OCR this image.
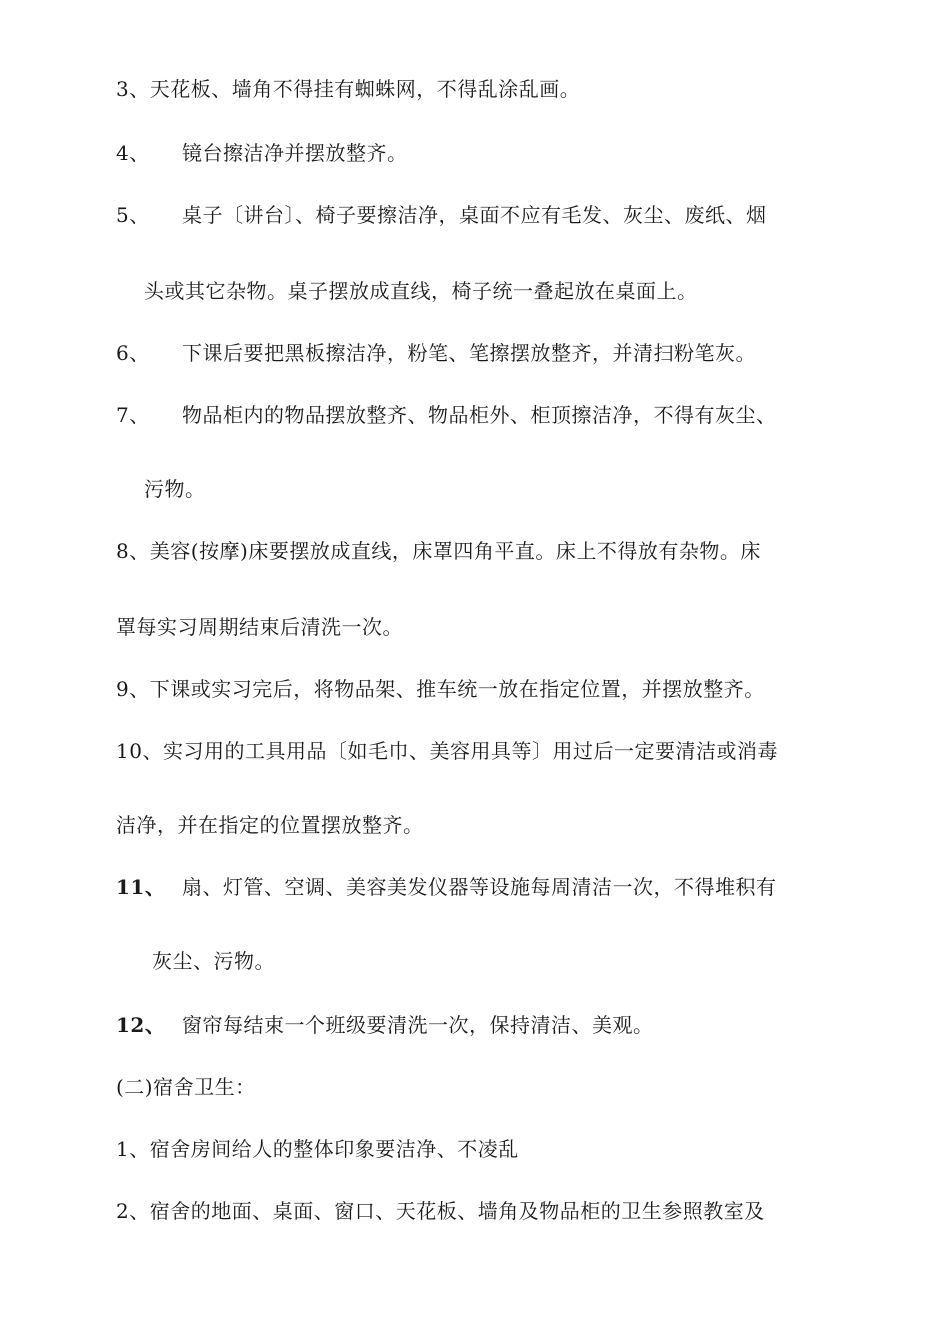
3、天花板、墙角不得挂有蜘蛛网，不得乱涂乱画。
4、 镜台擦洁净并摆放整齐。
5、 桌子〔讲台〕、椅子要擦洁净，桌面不应有毛发、灰尘、废纸、烟
头或其它杂物。桌子摆放成直线，椅子统一叠起放在桌面上。
6、 下课后要把黑板擦洁净，粉笔、笔擦摆放整齐，并清扫粉笔灰。
7、 物品柜内的物品摆放整齐、物品柜外、柜顶擦洁净，不得有灰尘、
污物。
8、美容(按摩)床要摆放成直线，床罩四角平直。床上不得放有杂物。床
罩每实习周期结束后清洗一次。
9、下课或实习完后，将物品架、推车统一放在指定位置，并摆放整齐。
10、实习用的工具用品〔如毛巾、美容用具等〕用过后一定要清洁或消毒
洁净，并在指定的位置摆放整齐。
11、 扇、灯管、空调、美容美发仪器等设施每周清洁一次，不得堆积有
灰尘、污物。
12、 窗帘每结束一个班级要清洗一次，保持清洁、美观。
(二)宿舍卫生：
1、宿舍房间给人的整体印象要洁净、不凌乱
2、宿舍的地面、桌面、窗口、天花板、墙角及物品柜的卫生参照教室及
